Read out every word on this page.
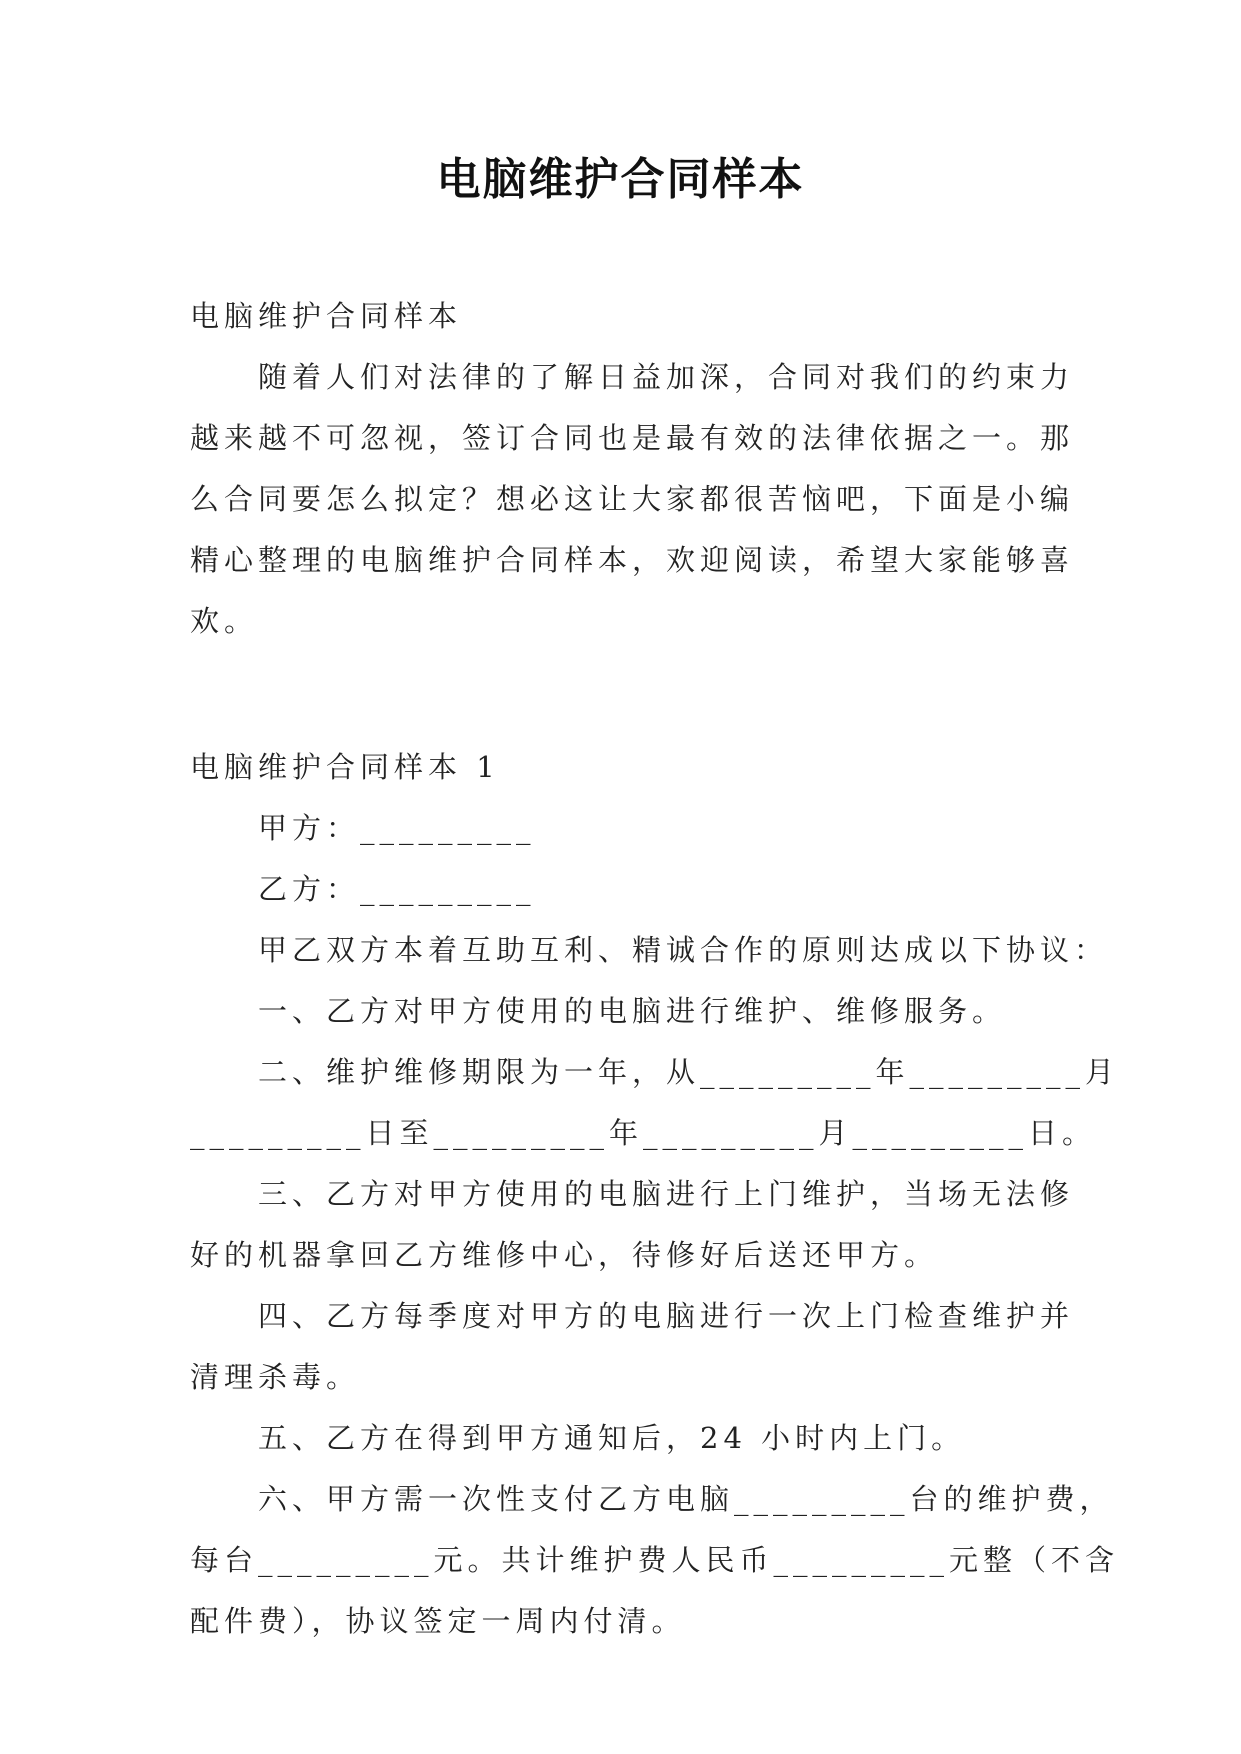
电脑维护合同样本
电脑维护合同样本
随着人们对法律的了解日益加深，合同对我们的约束力
越来越不可忽视，签订合同也是最有效的法律依据之一。那
么合同要怎么拟定？想必这让大家都很苦恼吧，下面是小编
精心整理的电脑维护合同样本，欢迎阅读，希望大家能够喜
欢。
电脑维护合同样本 1
甲方：_________
乙方：_________
甲乙双方本着互助互利、精诚合作的原则达成以下协议：
一、乙方对甲方使用的电脑进行维护、维修服务。
二、维护维修期限为一年，从_________年_________月
_________日至_________年_________月_________日。
三、乙方对甲方使用的电脑进行上门维护，当场无法修
好的机器拿回乙方维修中心，待修好后送还甲方。
四、乙方每季度对甲方的电脑进行一次上门检查维护并
清理杀毒。
五、乙方在得到甲方通知后，24 小时内上门。
六、甲方需一次性支付乙方电脑_________台的维护费，
每台_________元。共计维护费人民币_________元整（不含
配件费），协议签定一周内付清。
